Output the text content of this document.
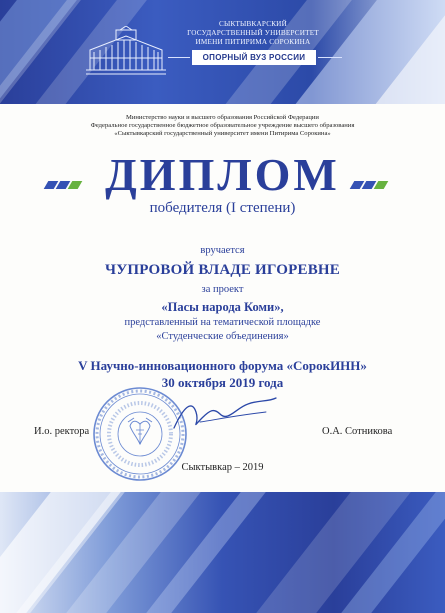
СЫКТЫВКАРСКИЙ
ГОСУДАРСТВЕННЫЙ УНИВЕРСИТЕТ
ИМЕНИ ПИТИРИМА СОРОКИНА
ОПОРНЫЙ ВУЗ РОССИИ
Министерство науки и высшего образования Российской Федерации
Федеральное государственное бюджетное образовательное учреждение высшего образования
«Сыктывкарский государственный университет имени Питирима Сорокина»
ДИПЛОМ
победителя (I степени)
вручается
ЧУПРОВОЙ ВЛАДЕ ИГОРЕВНЕ
за проект
«Пасы народа Коми»,
представленный на тематической площадке
«Студенческие объединения»
V Научно-инновационного форума «СорокИНН»
30 октября 2019 года
И.о. ректора	О.А. Сотникова
Сыктывкар – 2019
